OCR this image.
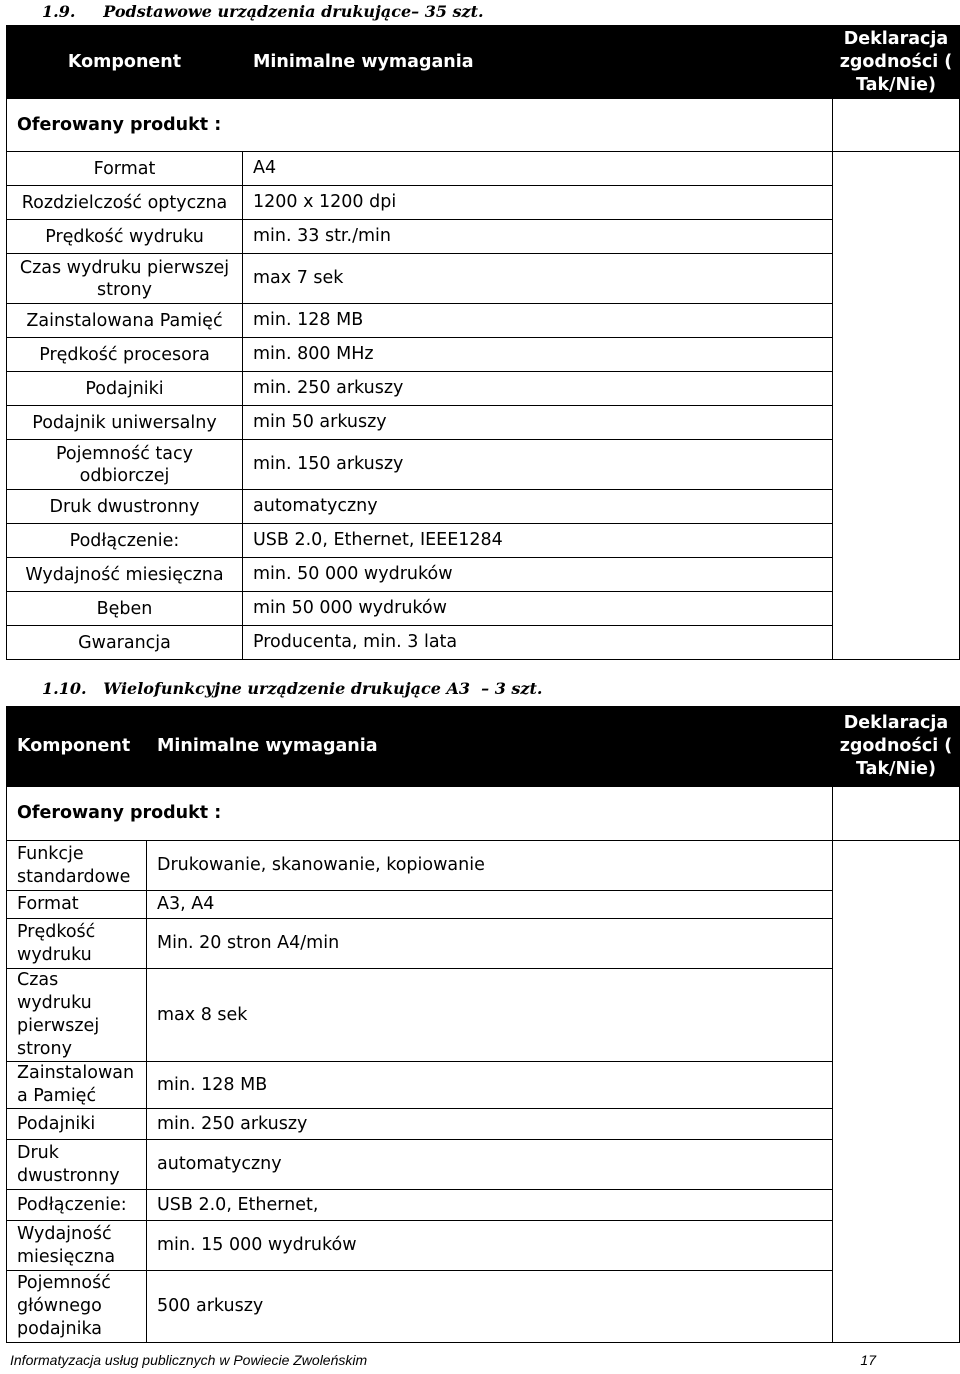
1.9.     Podstawowe urządzenia drukujące– 35 szt.
Komponent	Minimalne wymagania	Deklaracja zgodności ( Tak/Nie)
Oferowany produkt :		
Format	A4	
Rozdzielczość optyczna	1200 x 1200 dpi	
Prędkość wydruku	min. 33 str./min	
Czas wydruku pierwszej strony	max 7 sek	
Zainstalowana Pamięć	min. 128 MB	
Prędkość procesora	min. 800 MHz	
Podajniki	min. 250 arkuszy	
Podajnik uniwersalny	min 50 arkuszy	
Pojemność tacy odbiorczej	min. 150 arkuszy	
Druk dwustronny	automatyczny	
Podłączenie:	USB 2.0, Ethernet, IEEE1284	
Wydajność miesięczna	min. 50 000 wydruków	
Bęben	min 50 000 wydruków	
Gwarancja	Producenta, min. 3 lata	
1.10.   Wielofunkcyjne urządzenie drukujące A3  – 3 szt.
Komponent	Minimalne wymagania	Deklaracja zgodności ( Tak/Nie)
Oferowany produkt :		
Funkcje standardowe	Drukowanie, skanowanie, kopiowanie	
Format	A3, A4	
Prędkość wydruku	Min. 20 stron A4/min	
Czas wydruku pierwszej strony	max 8 sek	
Zainstalowan a Pamięć	min. 128 MB	
Podajniki	min. 250 arkuszy	
Druk dwustronny	automatyczny	
Podłączenie:	USB 2.0, Ethernet,	
Wydajność miesięczna	min. 15 000 wydruków	
Pojemność głównego podajnika	500 arkuszy	
Informatyzacja usług publicznych w Powiecie Zwoleńskim	17
